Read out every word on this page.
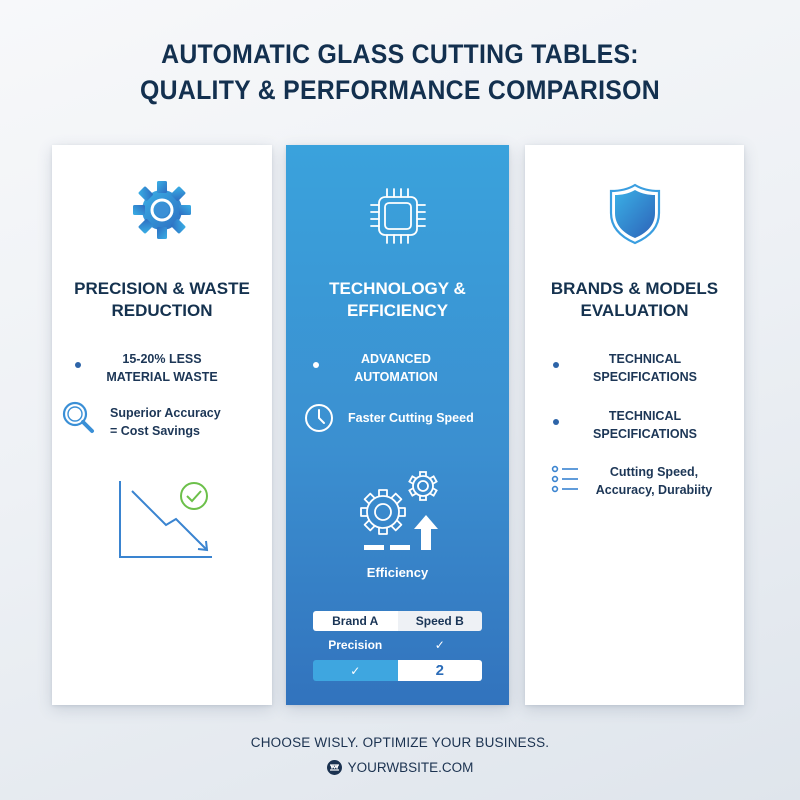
AUTOMATIC GLASS CUTTING TABLES:
QUALITY & PERFORMANCE COMPARISON
PRECISION & WASTE
REDUCTION
15-20% LESS
MATERIAL WASTE
Superior Accuracy
= Cost Savings
TECHNOLOGY &
EFFICIENCY
ADVANCED
AUTOMATION
Faster Cutting Speed
Efficiency
Brand A	Speed B
Precision	✓
✓	2
BRANDS & MODELS
EVALUATION
TECHNICAL
SPECIFICATIONS
TECHNICAL
SPECIFICATIONS
Cutting Speed,
Accuracy, Durabiity
CHOOSE WISLY. OPTIMIZE YOUR BUSINESS.
YOURWBSITE.COM
